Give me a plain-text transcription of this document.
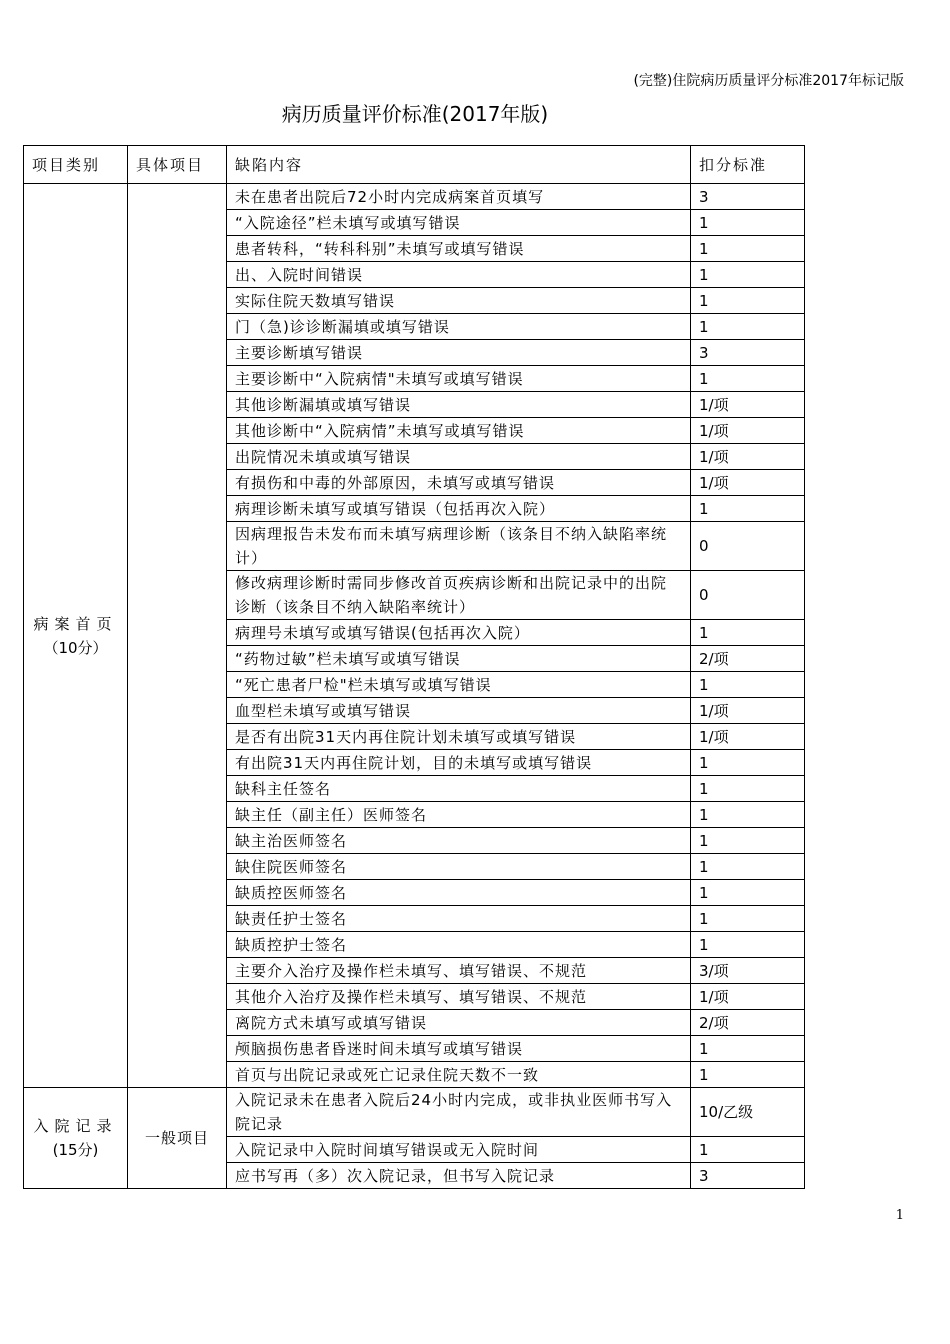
(完整)住院病历质量评分标准2017年标记版
病历质量评价标准(2017年版)
项目类别	具体项目	缺陷内容	扣分标准

病案首页
（10分）		未在患者出院后72小时内完成病案首页填写	3
		“入院途径”栏未填写或填写错误	1
		患者转科，“转科科别”未填写或填写错误	1
		出、入院时间错误	1
		实际住院天数填写错误	1
		门（急)诊诊断漏填或填写错误	1
		主要诊断填写错误	3
		主要诊断中“入院病情"未填写或填写错误	1
		其他诊断漏填或填写错误	1/项
		其他诊断中“入院病情”未填写或填写错误	1/项
		出院情况未填或填写错误	1/项
		有损伤和中毒的外部原因，未填写或填写错误	1/项
		病理诊断未填写或填写错误（包括再次入院）	1
		因病理报告未发布而未填写病理诊断（该条目不纳入缺陷率统计）	0
		修改病理诊断时需同步修改首页疾病诊断和出院记录中的出院诊断（该条目不纳入缺陷率统计）	0
		病理号未填写或填写错误(包括再次入院）	1
		“药物过敏”栏未填写或填写错误	2/项
		“死亡患者尸检"栏未填写或填写错误	1
		血型栏未填写或填写错误	1/项
		是否有出院31天内再住院计划未填写或填写错误	1/项
		有出院31天内再住院计划，目的未填写或填写错误	1
		缺科主任签名	1
		缺主任（副主任）医师签名	1
		缺主治医师签名	1
		缺住院医师签名	1
		缺质控医师签名	1
		缺责任护士签名	1
		缺质控护士签名	1
		主要介入治疗及操作栏未填写、填写错误、不规范	3/项
		其他介入治疗及操作栏未填写、填写错误、不规范	1/项
		离院方式未填写或填写错误	2/项
		颅脑损伤患者昏迷时间未填写或填写错误	1
		首页与出院记录或死亡记录住院天数不一致	1

入院记录
(15分)	一般项目	入院记录未在患者入院后24小时内完成，或非执业医师书写入院记录	10/乙级
		入院记录中入院时间填写错误或无入院时间	1
		应书写再（多）次入院记录，但书写入院记录	3
1
